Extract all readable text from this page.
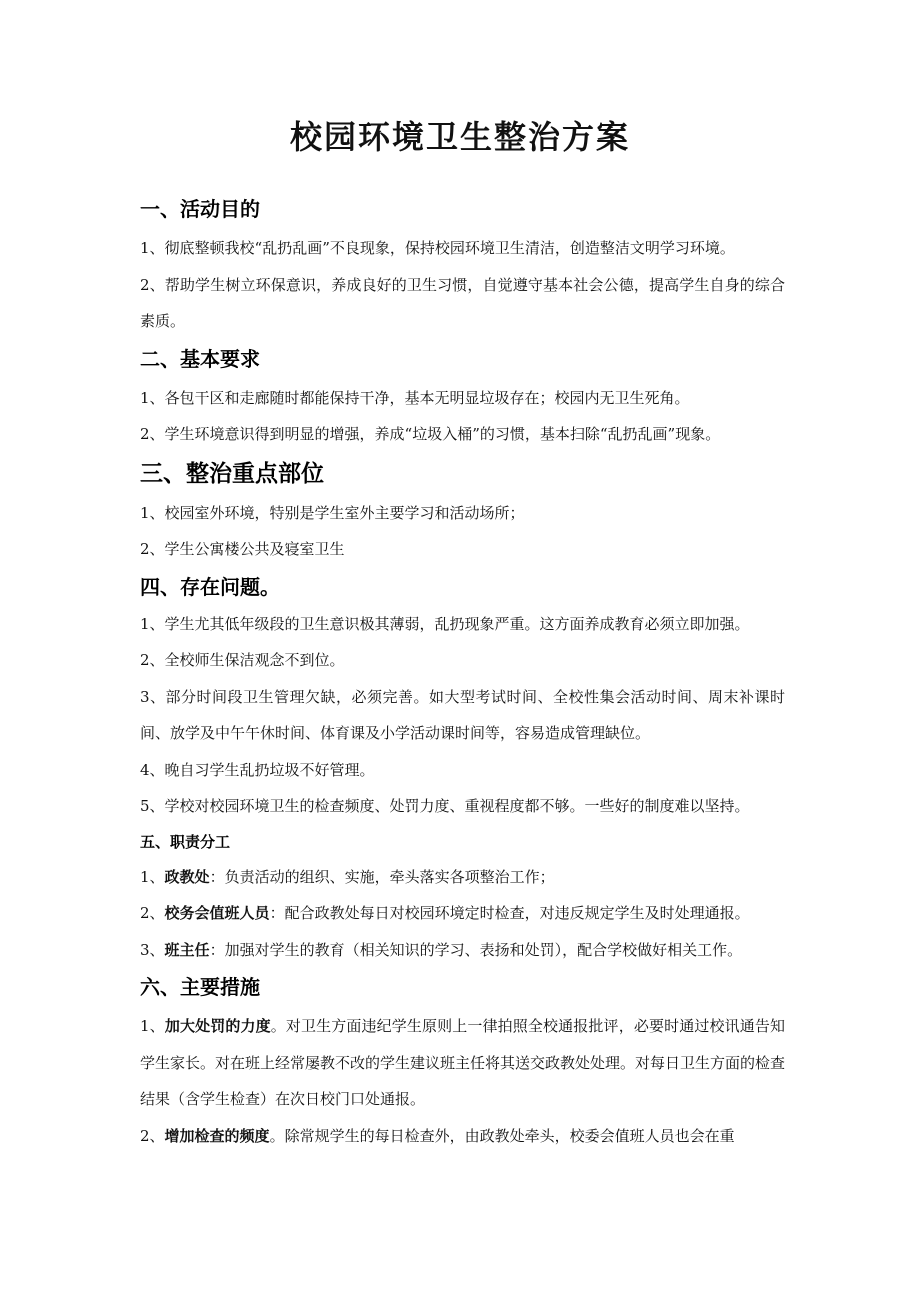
校园环境卫生整治方案
一、活动目的

1、彻底整顿我校“乱扔乱画”不良现象，保持校园环境卫生清洁，创造整洁文明学习环境。

2、帮助学生树立环保意识，养成良好的卫生习惯，自觉遵守基本社会公德，提高学生自身的综合素质。

二、基本要求

1、各包干区和走廊随时都能保持干净，基本无明显垃圾存在；校园内无卫生死角。

2、学生环境意识得到明显的增强，养成“垃圾入桶”的习惯，基本扫除“乱扔乱画”现象。

三、整治重点部位

1、校园室外环境，特别是学生室外主要学习和活动场所；

2、学生公寓楼公共及寝室卫生

四、存在问题。

1、学生尤其低年级段的卫生意识极其薄弱，乱扔现象严重。这方面养成教育必须立即加强。

2、全校师生保洁观念不到位。

3、部分时间段卫生管理欠缺，必须完善。如大型考试时间、全校性集会活动时间、周末补课时间、放学及中午午休时间、体育课及小学活动课时间等，容易造成管理缺位。

4、晚自习学生乱扔垃圾不好管理。

5、学校对校园环境卫生的检查频度、处罚力度、重视程度都不够。一些好的制度难以坚持。

五、职责分工

1、政教处：负责活动的组织、实施，牵头落实各项整治工作；

2、校务会值班人员：配合政教处每日对校园环境定时检查，对违反规定学生及时处理通报。

3、班主任：加强对学生的教育（相关知识的学习、表扬和处罚），配合学校做好相关工作。

六、主要措施

1、加大处罚的力度。对卫生方面违纪学生原则上一律拍照全校通报批评，必要时通过校讯通告知学生家长。对在班上经常屡教不改的学生建议班主任将其送交政教处处理。对每日卫生方面的检查结果（含学生检查）在次日校门口处通报。

2、增加检查的频度。除常规学生的每日检查外，由政教处牵头，校委会值班人员也会在重
